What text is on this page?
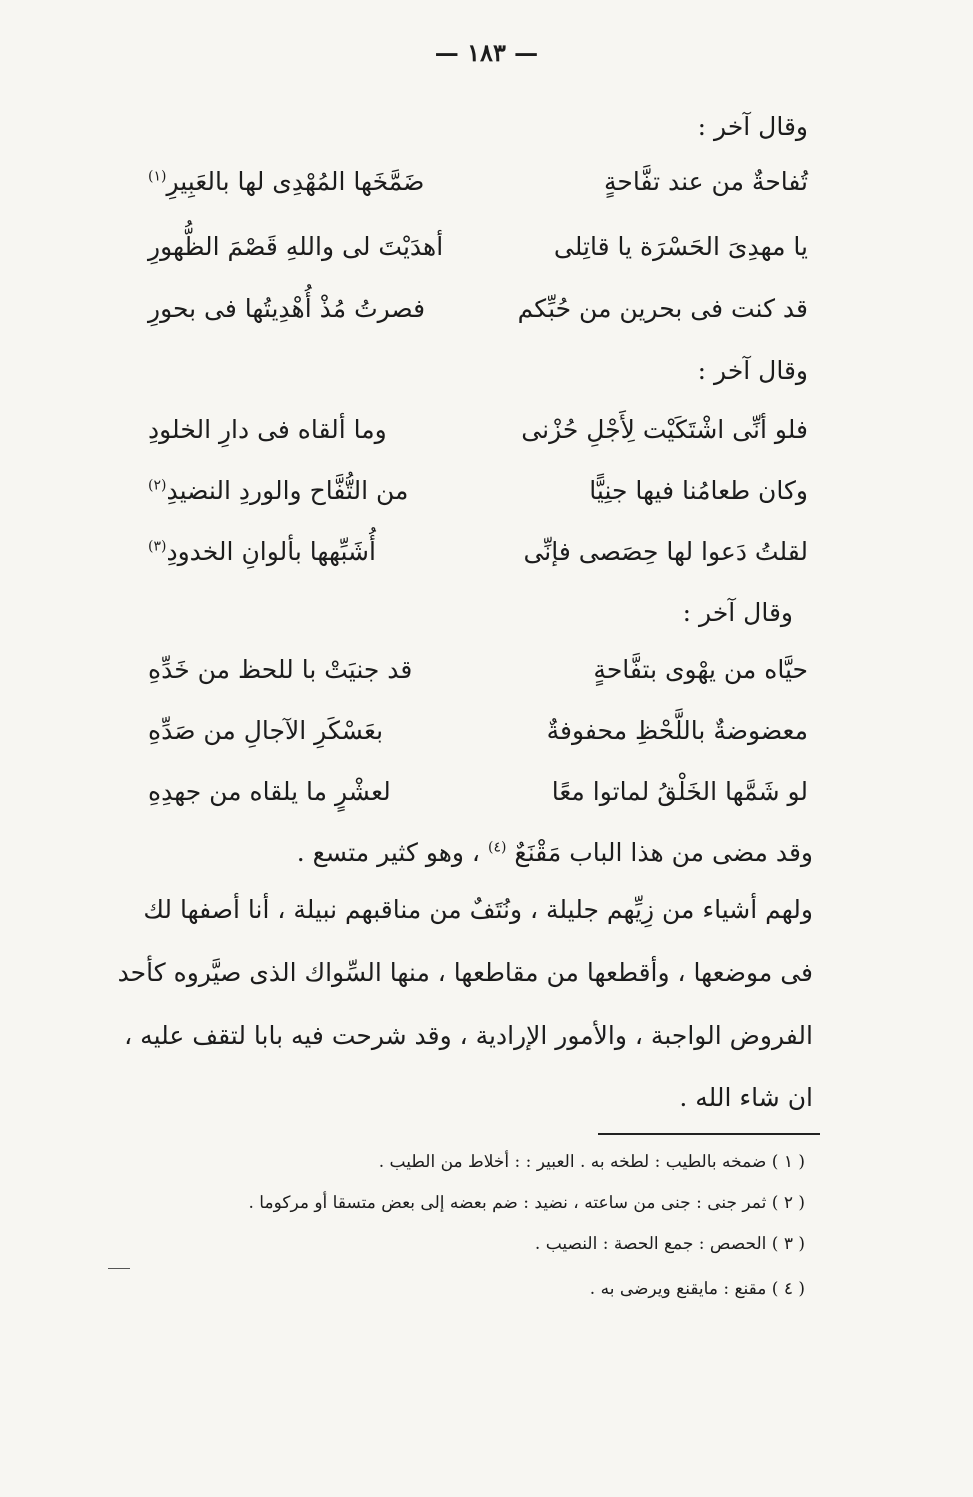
— ١٨٣ —
وقال آخر :
تُفاحةٌ من عند تفَّاحةٍ
ضَمَّخَها المُهْدِى لها بالعَبِيرِ$^{(١)}$
يا مهدِىَ الحَسْرَة يا قاتِلى
أهدَيْتَ لى واللهِ قَصْمَ الظُّهورِ
قد كنت فى بحرين من حُبِّكم
فصرتُ مُذْ أُهْدِيتُها فى بحورِ
وقال آخر :
فلو أنِّى اشْتَكَيْت لِأَجْلِ حُزْنى
وما ألقاه فى دارِ الخلودِ
وكان طعامُنا فيها جنِيًّا
من التُّفَّاح والوردِ النضيدِ$^{(٢)}$
لقلتُ دَعوا لها حِصَصى فإنِّى
أُشَبِّهها بألوانِ الخدودِ$^{(٣)}$
وقال آخر :
حيَّاه من يهْوى بتفَّاحةٍ
قد جنيَتْ با للحظ من خَدِّهِ
معضوضةٌ باللَّحْظِ محفوفةٌ
بعَسْكَرِ الآجالِ من صَدِّهِ
لو شَمَّها الخَلْقُ لماتوا معًا
لعشْرٍ ما يلقاه من جهدِهِ
وقد مضى من هذا الباب مَقْنَعٌ $^{(٤)}$ ، وهو كثير متسع .
ولهم أشياء من زِيِّهم جليلة ، ونُتَفٌ من مناقبهم نبيلة ، أنا أصفها لك
فى موضعها ، وأقطعها من مقاطعها ، منها السِّواك الذى صيَّروه كأحد
الفروض الواجبة ، والأمور الإرادية ، وقد شرحت فيه بابا لتقف عليه ،
ان شاء الله .
( ١ ) ضمخه بالطيب : لطخه به . العبير : : أخلاط من الطيب .
( ٢ ) ثمر جنى : جنى من ساعته ، نضيد : ضم بعضه إلى بعض متسقا أو مركوما .
( ٣ ) الحصص : جمع الحصة : النصيب .
( ٤ ) مقنع : مايقنع ويرضى به .
